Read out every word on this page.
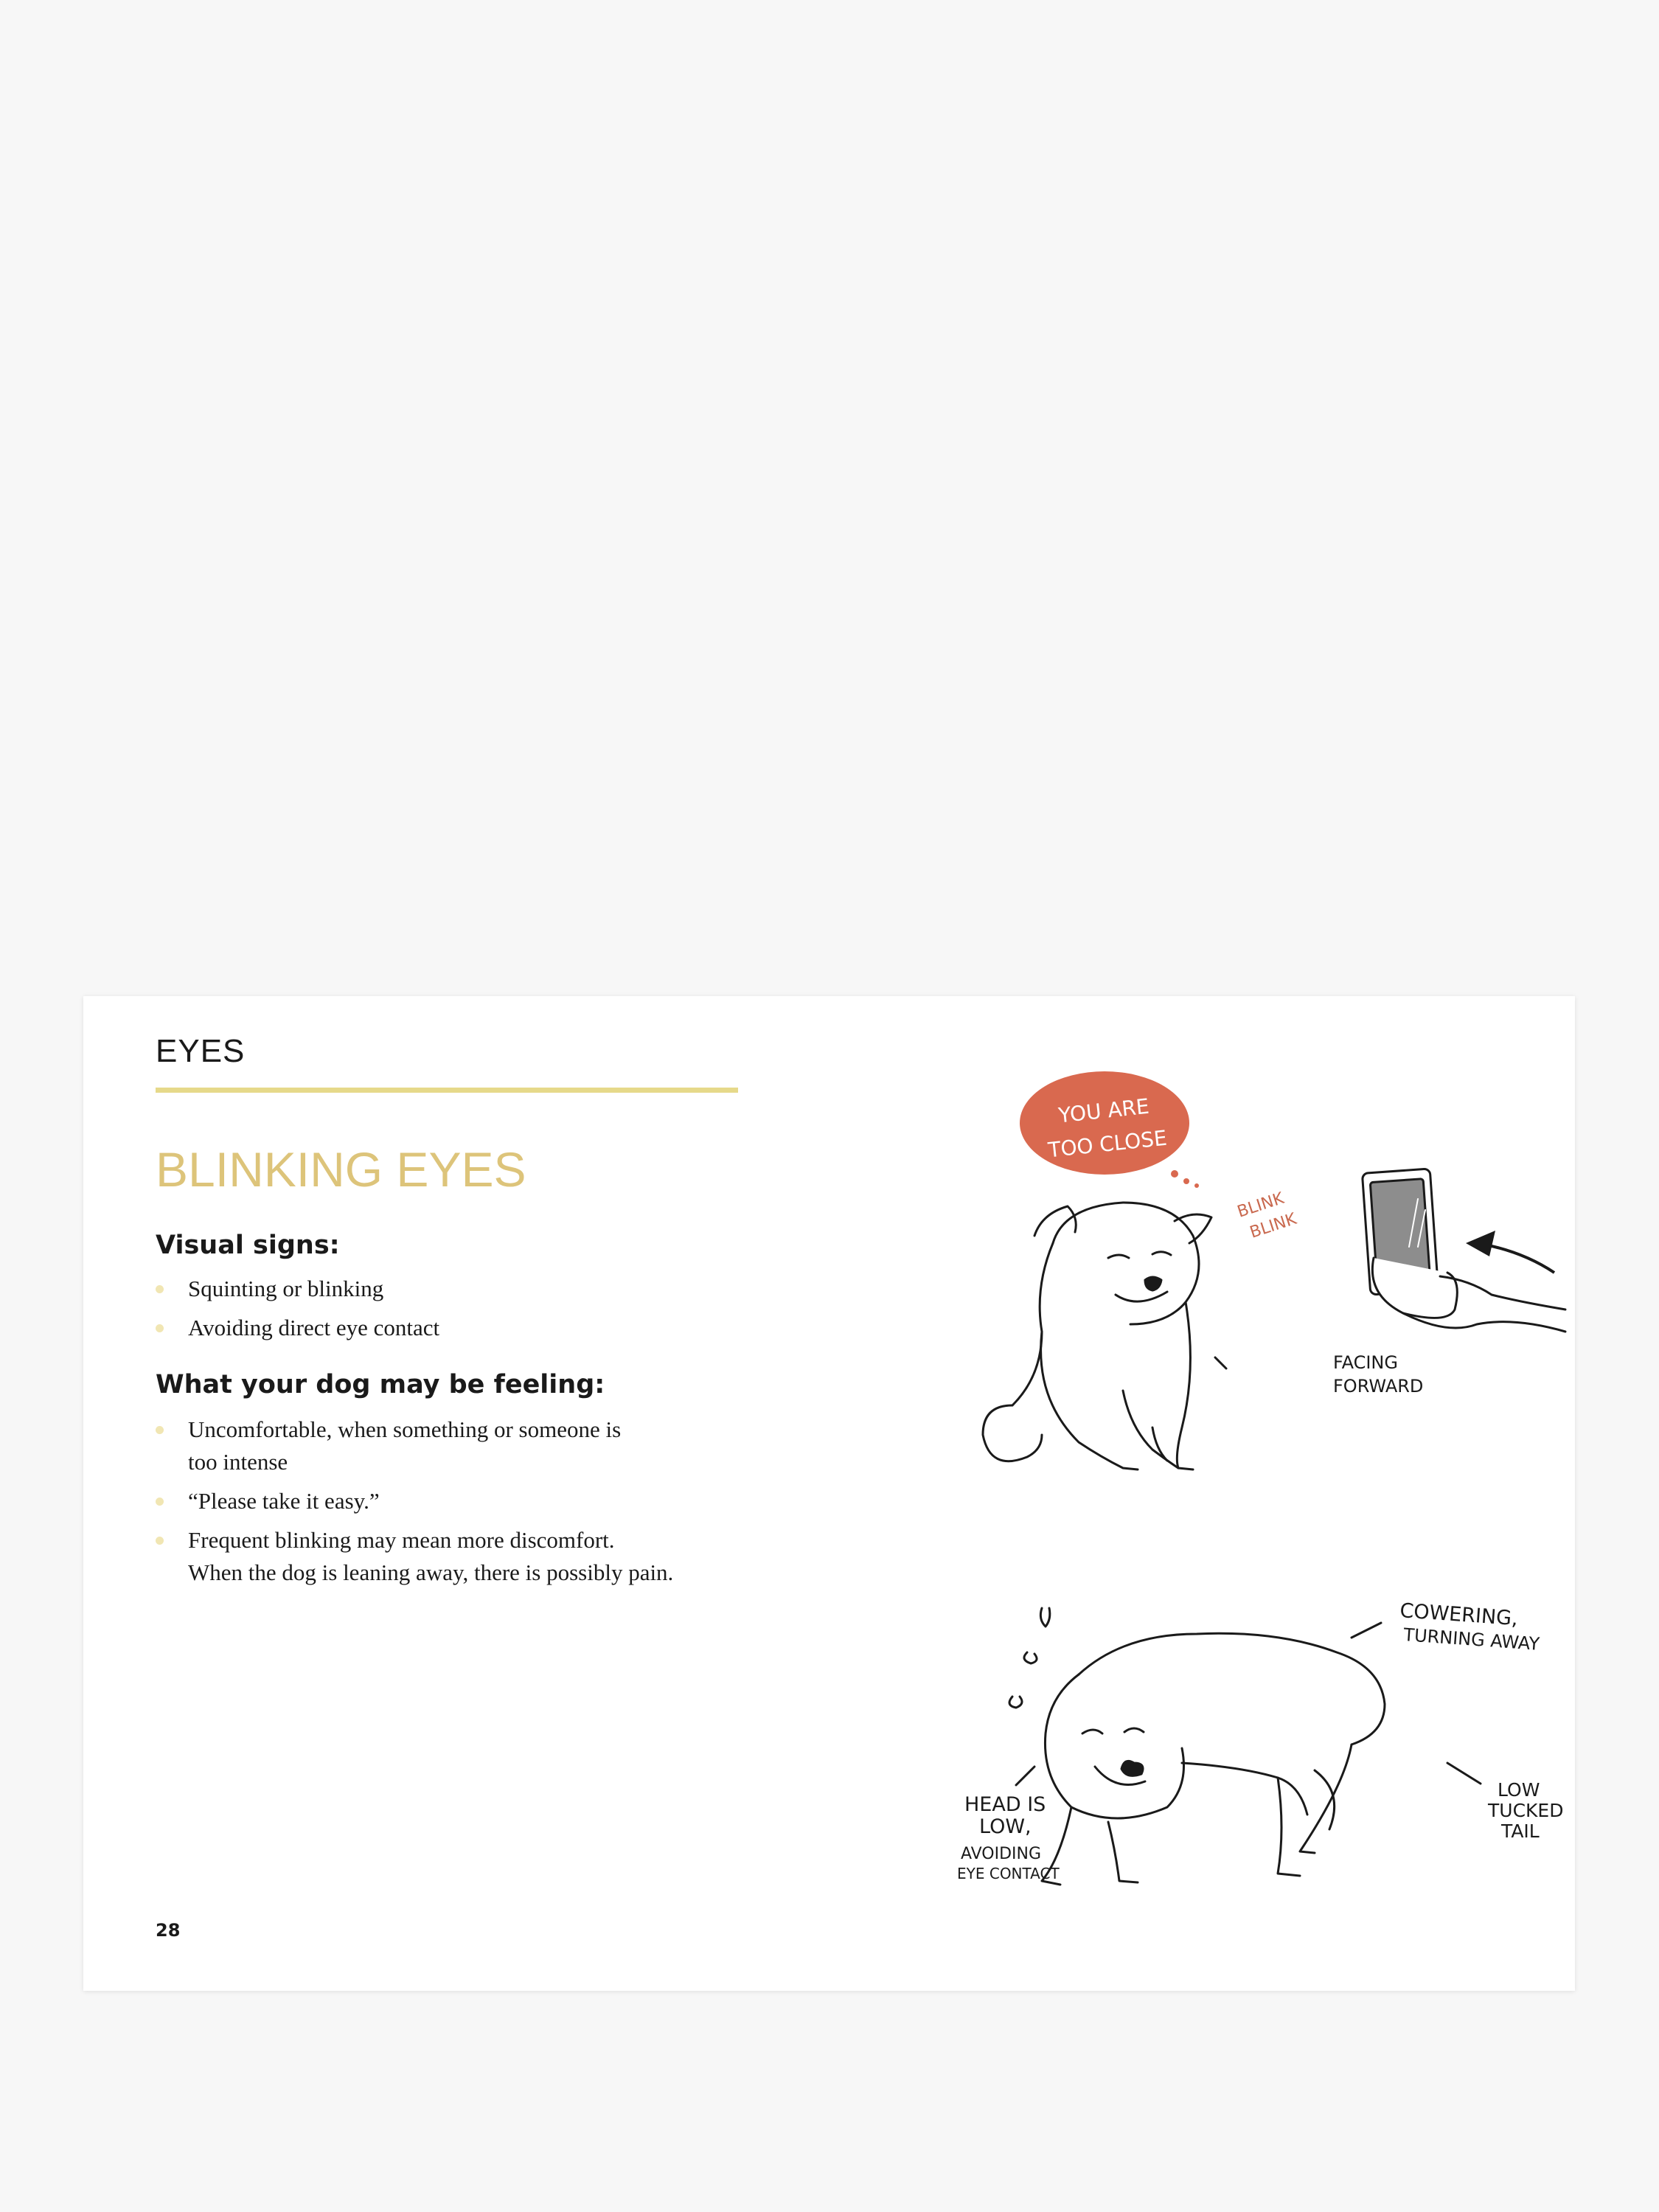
EYES
BLINKING EYES
Visual signs:
Squinting or blinking
Avoiding direct eye contact
What your dog may be feeling:
Uncomfortable, when something or someone is
too intense
“Please take it easy.”
Frequent blinking may mean more discomfort.
When the dog is leaning away, there is possibly pain.
28
YOU ARE
TOO CLOSE
BLINK
BLINK
FACING
FORWARD
COWERING,
TURNING AWAY
HEAD IS
LOW,
AVOIDING
EYE CONTACT
LOW
TUCKED
TAIL
